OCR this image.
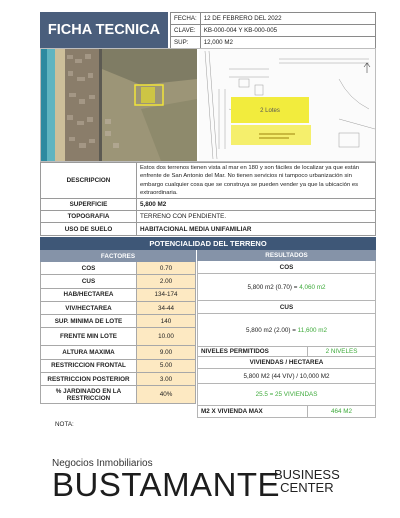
FICHA TECNICA
FECHA:	12 DE FEBRERO DEL 2022
CLAVE:	KB-000-004 Y KB-000-005
SUP:	12,000 M2
2 Lotes
DESCRIPCION	Estos dos terrenos tienen vista al mar en 180 y son fáciles de localizar ya que están enfrente de San Antonio del Mar. No tienen servicios ni tampoco urbanización sin embargo cualquier cosa que se construya se pueden vender ya que la ubicación es extraordinaria.
SUPERFICIE	5,800 M2
TOPOGRAFIA	TERRENO CON PENDIENTE.
USO DE SUELO	HABITACIONAL MEDIA UNIFAMILIAR
POTENCIALIDAD DEL TERRENO
FACTORES	
COS	0.70
CUS	2.00
HAB/HECTAREA	134-174
VIV/HECTAREA	34-44
SUP. MINIMA DE LOTE	140
FRENTE MIN LOTE	10.00
ALTURA MAXIMA	9.00
RESTRICCION FRONTAL	5.00
RESTRICCION POSTERIOR	3.00
% JARDINADO EN LA RESTRICCION	40%
RESULTADOS
COS
5,800 m2 (0.70) =
4,060 m2
CUS
5,800 m2 (2.00) =
11,600 m2
NIVELES PERMITIDOS	2 NIVELES
VIVIENDAS / HECTAREA
5,800 M2 (44 VIV) / 10,000 M2
25.5 = 25 VIVIENDAS
M2 X VIVIENDA MAX	464 M2
NOTA:
Negocios Inmobiliarios
BUSTAMANTE
BUSINESS
CENTER
